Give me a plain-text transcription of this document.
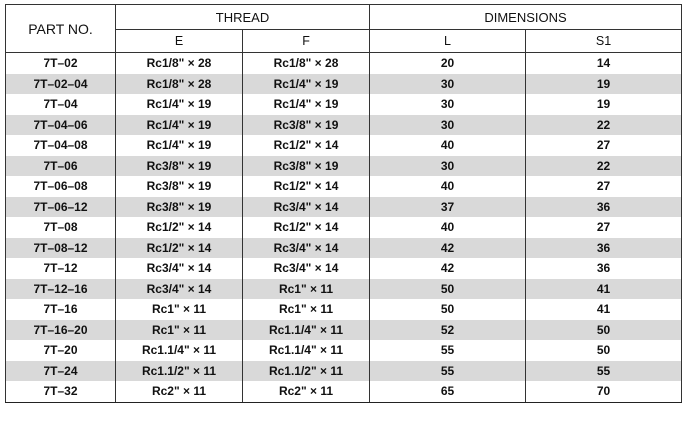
PART NO.	THREAD		DIMENSIONS	
	E	F	L	S1
7T–02	Rc1/8" × 28	Rc1/8" × 28	20	14
7T–02–04	Rc1/8" × 28	Rc1/4" × 19	30	19
7T–04	Rc1/4" × 19	Rc1/4" × 19	30	19
7T–04–06	Rc1/4" × 19	Rc3/8" × 19	30	22
7T–04–08	Rc1/4" × 19	Rc1/2" × 14	40	27
7T–06	Rc3/8" × 19	Rc3/8" × 19	30	22
7T–06–08	Rc3/8" × 19	Rc1/2" × 14	40	27
7T–06–12	Rc3/8" × 19	Rc3/4" × 14	37	36
7T–08	Rc1/2" × 14	Rc1/2" × 14	40	27
7T–08–12	Rc1/2" × 14	Rc3/4" × 14	42	36
7T–12	Rc3/4" × 14	Rc3/4" × 14	42	36
7T–12–16	Rc3/4" × 14	Rc1" × 11	50	41
7T–16	Rc1" × 11	Rc1" × 11	50	41
7T–16–20	Rc1" × 11	Rc1.1/4" × 11	52	50
7T–20	Rc1.1/4" × 11	Rc1.1/4" × 11	55	50
7T–24	Rc1.1/2" × 11	Rc1.1/2" × 11	55	55
7T–32	Rc2" × 11	Rc2" × 11	65	70
